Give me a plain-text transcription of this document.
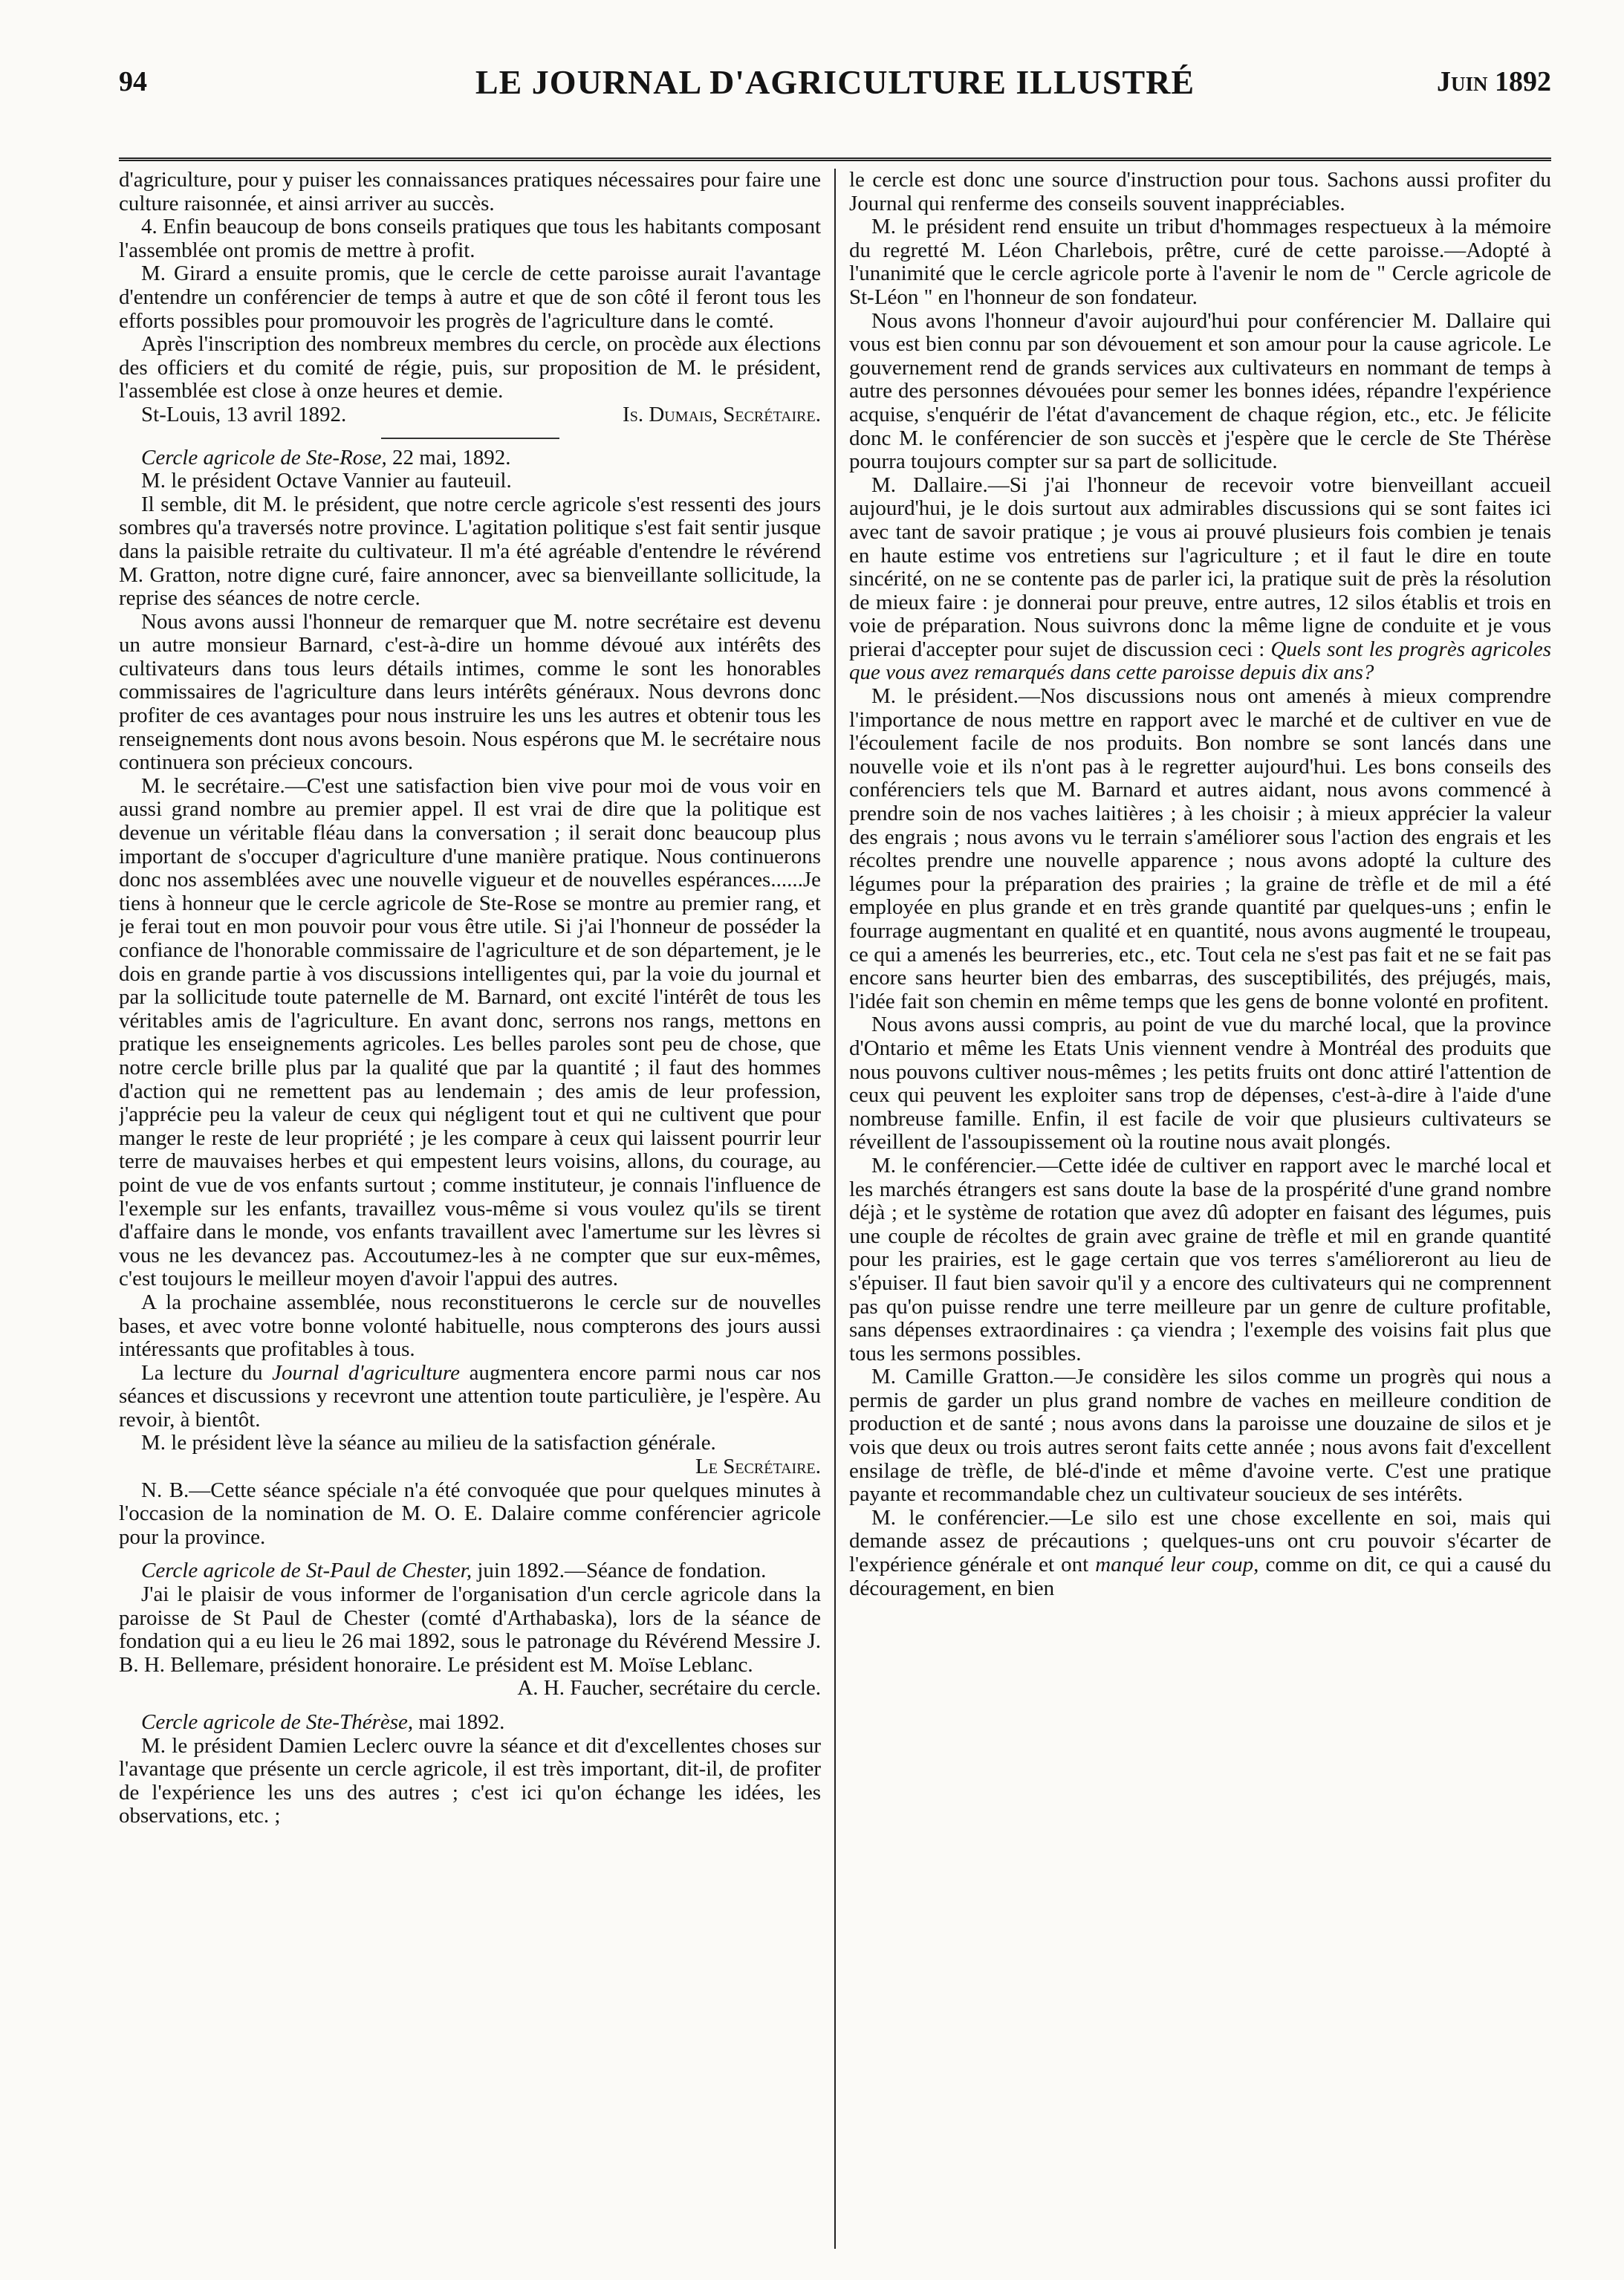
94	LE JOURNAL D'AGRICULTURE ILLUSTRÉ	Juin 1892

d'agriculture, pour y puiser les connaissances pratiques nécessaires pour faire une culture raisonnée, et ainsi arriver au succès.

4. Enfin beaucoup de bons conseils pratiques que tous les habitants composant l'assemblée ont promis de mettre à profit.

M. Girard a ensuite promis, que le cercle de cette paroisse aurait l'avantage d'entendre un conférencier de temps à autre et que de son côté il feront tous les efforts possibles pour promouvoir les progrès de l'agriculture dans le comté.

Après l'inscription des nombreux membres du cercle, on procède aux élections des officiers et du comité de régie, puis, sur proposition de M. le président, l'assemblée est close à onze heures et demie.

St-Louis, 13 avril 1892.	Is. Dumais, Secrétaire.

Cercle agricole de Ste-Rose, 22 mai, 1892.

M. le président Octave Vannier au fauteuil.

Il semble, dit M. le président, que notre cercle agricole s'est ressenti des jours sombres qu'a traversés notre province. L'agitation politique s'est fait sentir jusque dans la paisible retraite du cultivateur. Il m'a été agréable d'entendre le révérend M. Gratton, notre digne curé, faire annoncer, avec sa bienveillante sollicitude, la reprise des séances de notre cercle.

Nous avons aussi l'honneur de remarquer que M. notre secrétaire est devenu un autre monsieur Barnard, c'est-à-dire un homme dévoué aux intérêts des cultivateurs dans tous leurs détails intimes, comme le sont les honorables commissaires de l'agriculture dans leurs intérêts généraux. Nous devrons donc profiter de ces avantages pour nous instruire les uns les autres et obtenir tous les renseignements dont nous avons besoin. Nous espérons que M. le secrétaire nous continuera son précieux concours.

M. le secrétaire.—C'est une satisfaction bien vive pour moi de vous voir en aussi grand nombre au premier appel. Il est vrai de dire que la politique est devenue un véritable fléau dans la conversation ; il serait donc beaucoup plus important de s'occuper d'agriculture d'une manière pratique. Nous continuerons donc nos assemblées avec une nouvelle vigueur et de nouvelles espérances......Je tiens à honneur que le cercle agricole de Ste-Rose se montre au premier rang, et je ferai tout en mon pouvoir pour vous être utile. Si j'ai l'honneur de posséder la confiance de l'honorable commissaire de l'agriculture et de son département, je le dois en grande partie à vos discussions intelligentes qui, par la voie du journal et par la sollicitude toute paternelle de M. Barnard, ont excité l'intérêt de tous les véritables amis de l'agriculture. En avant donc, serrons nos rangs, mettons en pratique les enseignements agricoles. Les belles paroles sont peu de chose, que notre cercle brille plus par la qualité que par la quantité ; il faut des hommes d'action qui ne remettent pas au lendemain ; des amis de leur profession, j'apprécie peu la valeur de ceux qui négligent tout et qui ne cultivent que pour manger le reste de leur propriété ; je les compare à ceux qui laissent pourrir leur terre de mauvaises herbes et qui empestent leurs voisins, allons, du courage, au point de vue de vos enfants surtout ; comme instituteur, je connais l'influence de l'exemple sur les enfants, travaillez vous-même si vous voulez qu'ils se tirent d'affaire dans le monde, vos enfants travaillent avec l'amertume sur les lèvres si vous ne les devancez pas. Accoutumez-les à ne compter que sur eux-mêmes, c'est toujours le meilleur moyen d'avoir l'appui des autres.

A la prochaine assemblée, nous reconstituerons le cercle sur de nouvelles bases, et avec votre bonne volonté habituelle, nous compterons des jours aussi intéressants que profitables à tous.

La lecture du Journal d'agriculture augmentera encore parmi nous car nos séances et discussions y recevront une attention toute particulière, je l'espère. Au revoir, à bientôt.

M. le président lève la séance au milieu de la satisfaction générale.

Le Secrétaire.

N. B.—Cette séance spéciale n'a été convoquée que pour quelques minutes à l'occasion de la nomination de M. O. E. Dalaire comme conférencier agricole pour la province.

Cercle agricole de St-Paul de Chester, juin 1892.—Séance de fondation.

J'ai le plaisir de vous informer de l'organisation d'un cercle agricole dans la paroisse de St Paul de Chester (comté d'Arthabaska), lors de la séance de fondation qui a eu lieu le 26 mai 1892, sous le patronage du Révérend Messire J. B. H. Bellemare, président honoraire. Le président est M. Moïse Leblanc.

A. H. Faucher, secrétaire du cercle.

Cercle agricole de Ste-Thérèse, mai 1892.

M. le président Damien Leclerc ouvre la séance et dit d'excellentes choses sur l'avantage que présente un cercle agricole, il est très important, dit-il, de profiter de l'expérience les uns des autres ; c'est ici qu'on échange les idées, les observations, etc. ;

le cercle est donc une source d'instruction pour tous. Sachons aussi profiter du Journal qui renferme des conseils souvent inappréciables.

M. le président rend ensuite un tribut d'hommages respectueux à la mémoire du regretté M. Léon Charlebois, prêtre, curé de cette paroisse.—Adopté à l'unanimité que le cercle agricole porte à l'avenir le nom de " Cercle agricole de St-Léon " en l'honneur de son fondateur.

Nous avons l'honneur d'avoir aujourd'hui pour conférencier M. Dallaire qui vous est bien connu par son dévouement et son amour pour la cause agricole. Le gouvernement rend de grands services aux cultivateurs en nommant de temps à autre des personnes dévouées pour semer les bonnes idées, répandre l'expérience acquise, s'enquérir de l'état d'avancement de chaque région, etc., etc. Je félicite donc M. le conférencier de son succès et j'espère que le cercle de Ste Thérèse pourra toujours compter sur sa part de sollicitude.

M. Dallaire.—Si j'ai l'honneur de recevoir votre bienveillant accueil aujourd'hui, je le dois surtout aux admirables discussions qui se sont faites ici avec tant de savoir pratique ; je vous ai prouvé plusieurs fois combien je tenais en haute estime vos entretiens sur l'agriculture ; et il faut le dire en toute sincérité, on ne se contente pas de parler ici, la pratique suit de près la résolution de mieux faire : je donnerai pour preuve, entre autres, 12 silos établis et trois en voie de préparation. Nous suivrons donc la même ligne de conduite et je vous prierai d'accepter pour sujet de discussion ceci : Quels sont les progrès agricoles que vous avez remarqués dans cette paroisse depuis dix ans?

M. le président.—Nos discussions nous ont amenés à mieux comprendre l'importance de nous mettre en rapport avec le marché et de cultiver en vue de l'écoulement facile de nos produits. Bon nombre se sont lancés dans une nouvelle voie et ils n'ont pas à le regretter aujourd'hui. Les bons conseils des conférenciers tels que M. Barnard et autres aidant, nous avons commencé à prendre soin de nos vaches laitières ; à les choisir ; à mieux apprécier la valeur des engrais ; nous avons vu le terrain s'améliorer sous l'action des engrais et les récoltes prendre une nouvelle apparence ; nous avons adopté la culture des légumes pour la préparation des prairies ; la graine de trèfle et de mil a été employée en plus grande et en très grande quantité par quelques-uns ; enfin le fourrage augmentant en qualité et en quantité, nous avons augmenté le troupeau, ce qui a amenés les beurreries, etc., etc. Tout cela ne s'est pas fait et ne se fait pas encore sans heurter bien des embarras, des susceptibilités, des préjugés, mais, l'idée fait son chemin en même temps que les gens de bonne volonté en profitent.

Nous avons aussi compris, au point de vue du marché local, que la province d'Ontario et même les Etats Unis viennent vendre à Montréal des produits que nous pouvons cultiver nous-mêmes ; les petits fruits ont donc attiré l'attention de ceux qui peuvent les exploiter sans trop de dépenses, c'est-à-dire à l'aide d'une nombreuse famille. Enfin, il est facile de voir que plusieurs cultivateurs se réveillent de l'assoupissement où la routine nous avait plongés.

M. le conférencier.—Cette idée de cultiver en rapport avec le marché local et les marchés étrangers est sans doute la base de la prospérité d'une grand nombre déjà ; et le système de rotation que avez dû adopter en faisant des légumes, puis une couple de récoltes de grain avec graine de trèfle et mil en grande quantité pour les prairies, est le gage certain que vos terres s'amélioreront au lieu de s'épuiser. Il faut bien savoir qu'il y a encore des cultivateurs qui ne comprennent pas qu'on puisse rendre une terre meilleure par un genre de culture profitable, sans dépenses extraordinaires : ça viendra ; l'exemple des voisins fait plus que tous les sermons possibles.

M. Camille Gratton.—Je considère les silos comme un progrès qui nous a permis de garder un plus grand nombre de vaches en meilleure condition de production et de santé ; nous avons dans la paroisse une douzaine de silos et je vois que deux ou trois autres seront faits cette année ; nous avons fait d'excellent ensilage de trèfle, de blé-d'inde et même d'avoine verte. C'est une pratique payante et recommandable chez un cultivateur soucieux de ses intérêts.

M. le conférencier.—Le silo est une chose excellente en soi, mais qui demande assez de précautions ; quelques-uns ont cru pouvoir s'écarter de l'expérience générale et ont manqué leur coup, comme on dit, ce qui a causé du découragement, en bien
